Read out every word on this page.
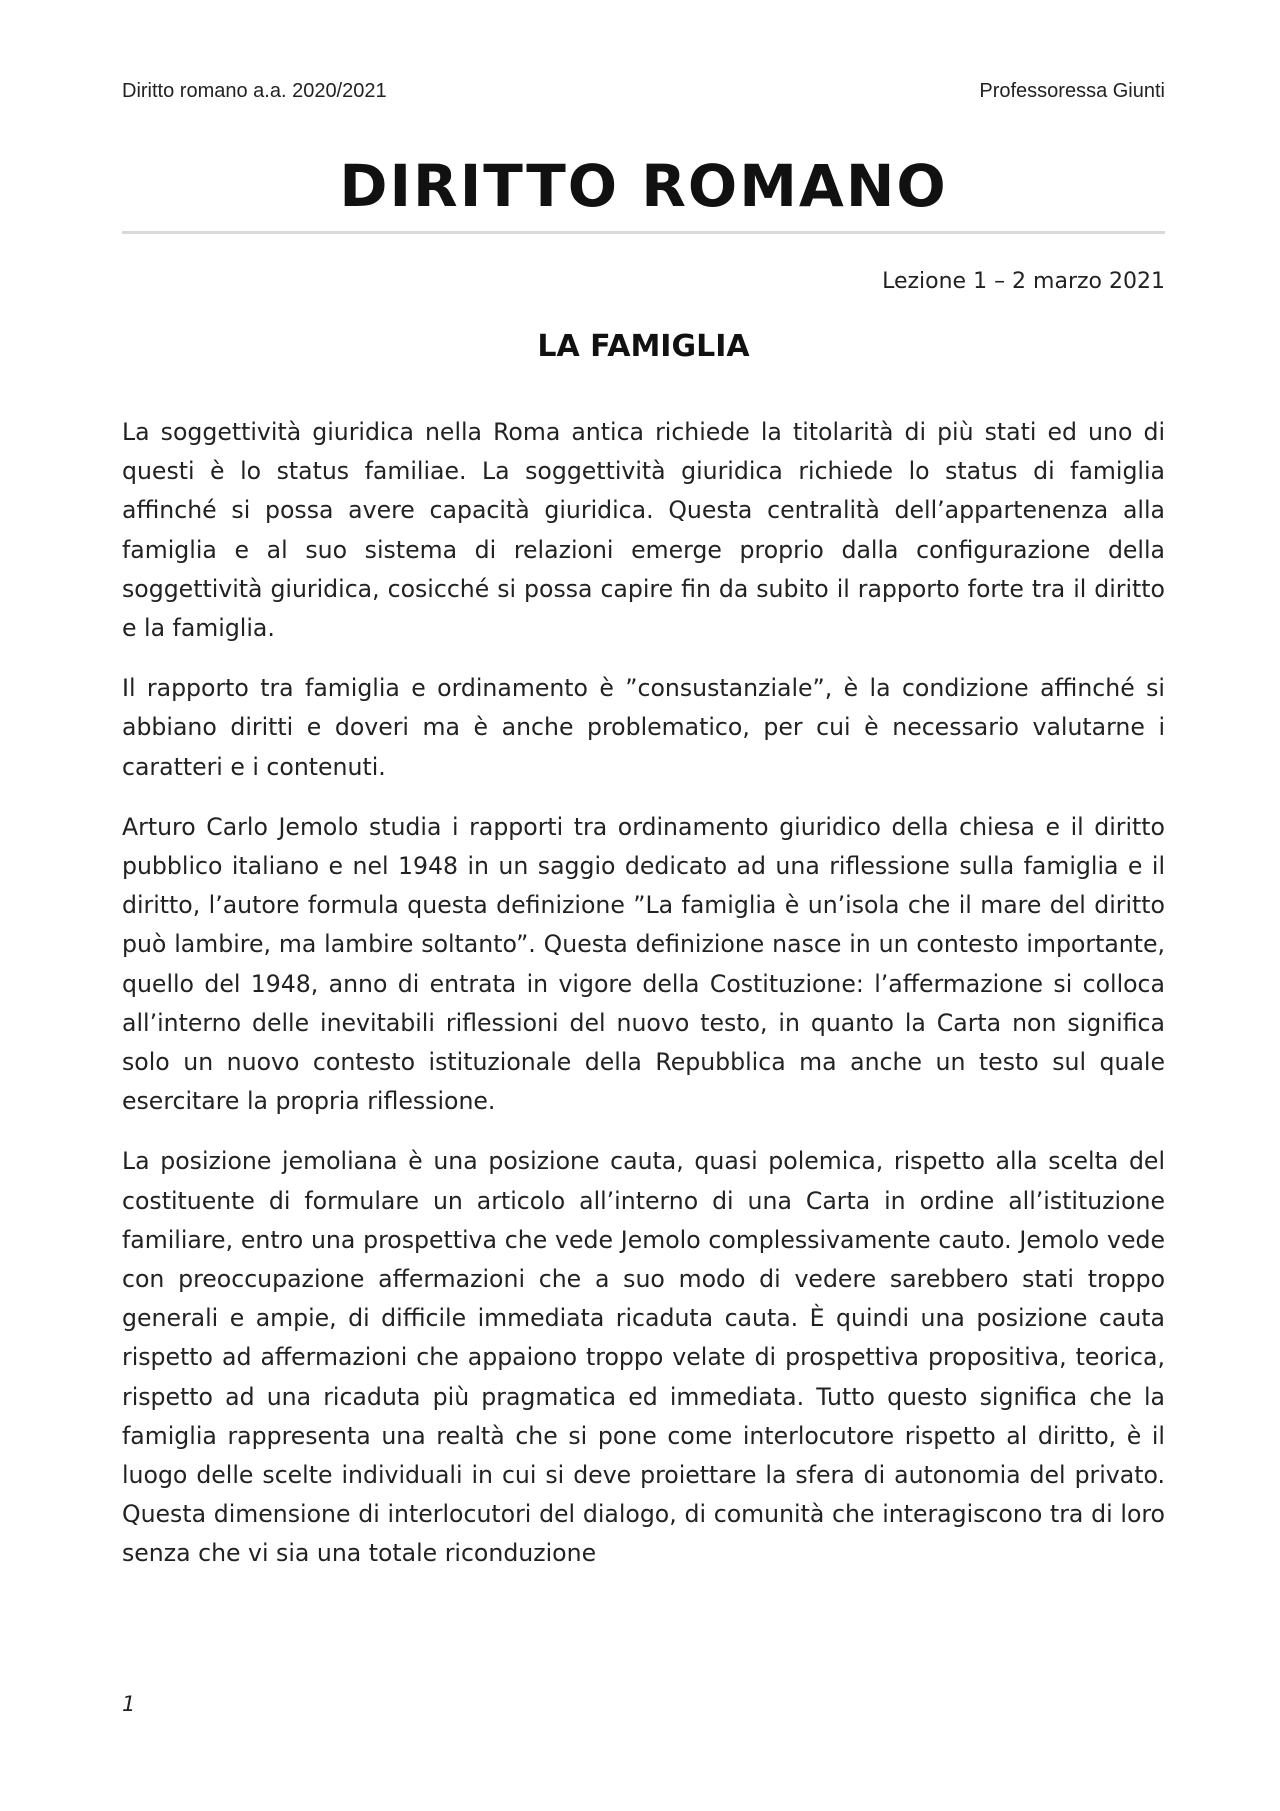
Diritto romano a.a. 2020/2021	Professoressa Giunti
DIRITTO ROMANO
Lezione 1 – 2 marzo 2021
LA FAMIGLIA

La soggettività giuridica nella Roma antica richiede la titolarità di più stati ed uno di questi è lo status familiae. La soggettività giuridica richiede lo status di famiglia affinché si possa avere capacità giuridica. Questa centralità dell’appartenenza alla famiglia e al suo sistema di relazioni emerge proprio dalla configurazione della soggettività giuridica, cosicché si possa capire fin da subito il rapporto forte tra il diritto e la famiglia.

Il rapporto tra famiglia e ordinamento è ”consustanziale”, è la condizione affinché si abbiano diritti e doveri ma è anche problematico, per cui è necessario valutarne i caratteri e i contenuti.

Arturo Carlo Jemolo studia i rapporti tra ordinamento giuridico della chiesa e il diritto pubblico italiano e nel 1948 in un saggio dedicato ad una riflessione sulla famiglia e il diritto, l’autore formula questa definizione ”La famiglia è un’isola che il mare del diritto può lambire, ma lambire soltanto”. Questa definizione nasce in un contesto importante, quello del 1948, anno di entrata in vigore della Costituzione: l’affermazione si colloca all’interno delle inevitabili riflessioni del nuovo testo, in quanto la Carta non significa solo un nuovo contesto istituzionale della Repubblica ma anche un testo sul quale esercitare la propria riflessione.

La posizione jemoliana è una posizione cauta, quasi polemica, rispetto alla scelta del costituente di formulare un articolo all’interno di una Carta in ordine all’istituzione familiare, entro una prospettiva che vede Jemolo complessivamente cauto. Jemolo vede con preoccupazione affermazioni che a suo modo di vedere sarebbero stati troppo generali e ampie, di difficile immediata ricaduta cauta. È quindi una posizione cauta rispetto ad affermazioni che appaiono troppo velate di prospettiva propositiva, teorica, rispetto ad una ricaduta più pragmatica ed immediata. Tutto questo significa che la famiglia rappresenta una realtà che si pone come interlocutore rispetto al diritto, è il luogo delle scelte individuali in cui si deve proiettare la sfera di autonomia del privato. Questa dimensione di interlocutori del dialogo, di comunità che interagiscono tra di loro senza che vi sia una totale riconduzione

1
